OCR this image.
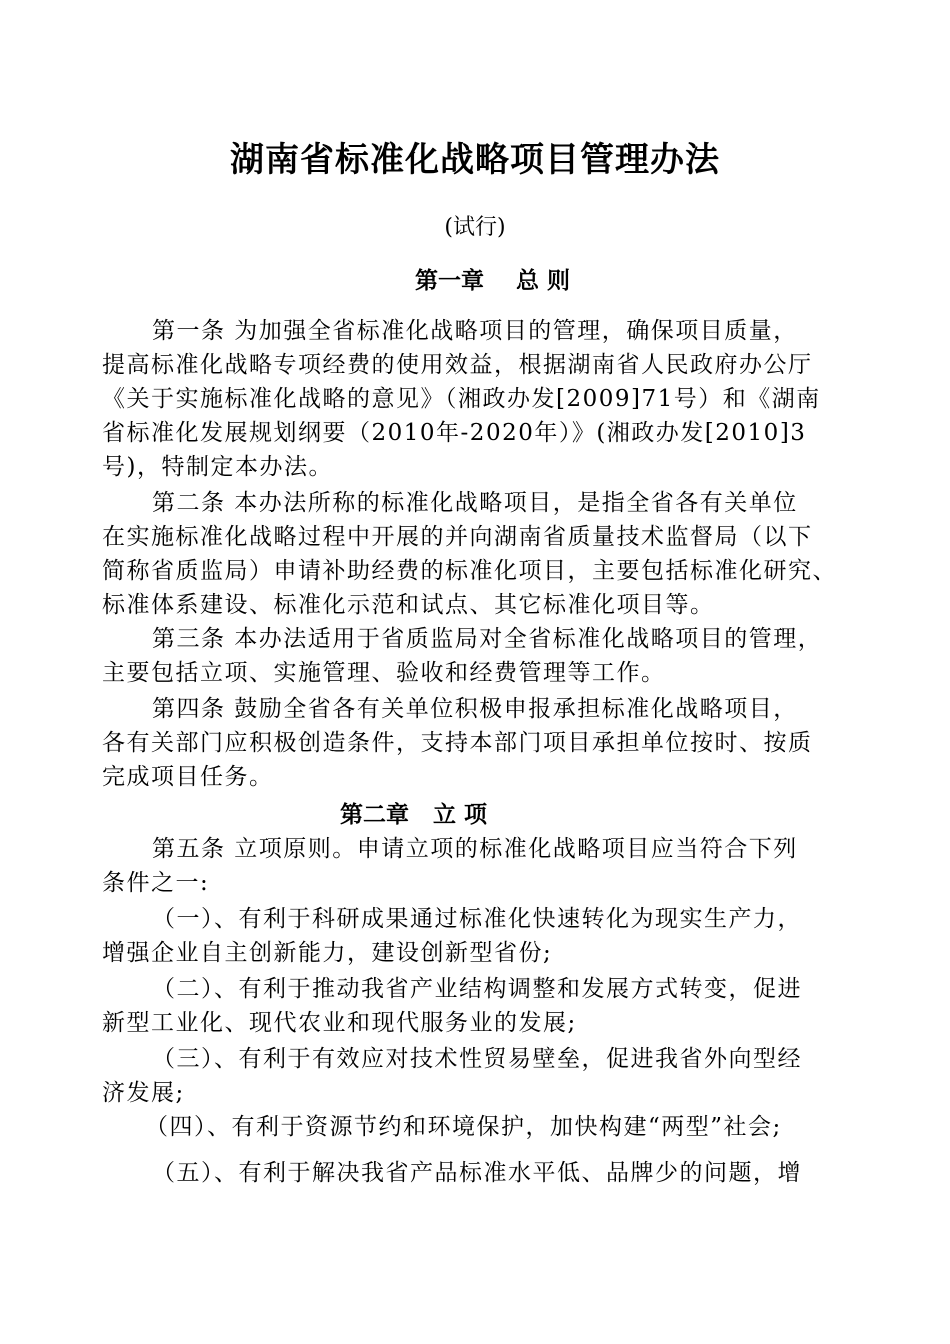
湖南省标准化战略项目管理办法

(试行)

第一章    总 则

第一条 为加强全省标准化战略项目的管理，确保项目质量，

提高标准化战略专项经费的使用效益，根据湖南省人民政府办公厅

《关于实施标准化战略的意见》（湘政办发[2009]71号）和《湖南

省标准化发展规划纲要（2010年-2020年）》(湘政办发[2010]3

号)，特制定本办法。

第二条 本办法所称的标准化战略项目，是指全省各有关单位

在实施标准化战略过程中开展的并向湖南省质量技术监督局（以下

简称省质监局）申请补助经费的标准化项目，主要包括标准化研究、

标准体系建设、标准化示范和试点、其它标准化项目等。

第三条 本办法适用于省质监局对全省标准化战略项目的管理，

主要包括立项、实施管理、验收和经费管理等工作。

第四条 鼓励全省各有关单位积极申报承担标准化战略项目，

各有关部门应积极创造条件，支持本部门项目承担单位按时、按质

完成项目任务。

第二章   立 项

第五条 立项原则。申请立项的标准化战略项目应当符合下列

条件之一:

（一）、有利于科研成果通过标准化快速转化为现实生产力，

增强企业自主创新能力，建设创新型省份;

（二）、有利于推动我省产业结构调整和发展方式转变，促进

新型工业化、现代农业和现代服务业的发展;

（三）、有利于有效应对技术性贸易壁垒，促进我省外向型经

济发展;

（四）、有利于资源节约和环境保护，加快构建“两型”社会;

（五）、有利于解决我省产品标准水平低、品牌少的问题，增
